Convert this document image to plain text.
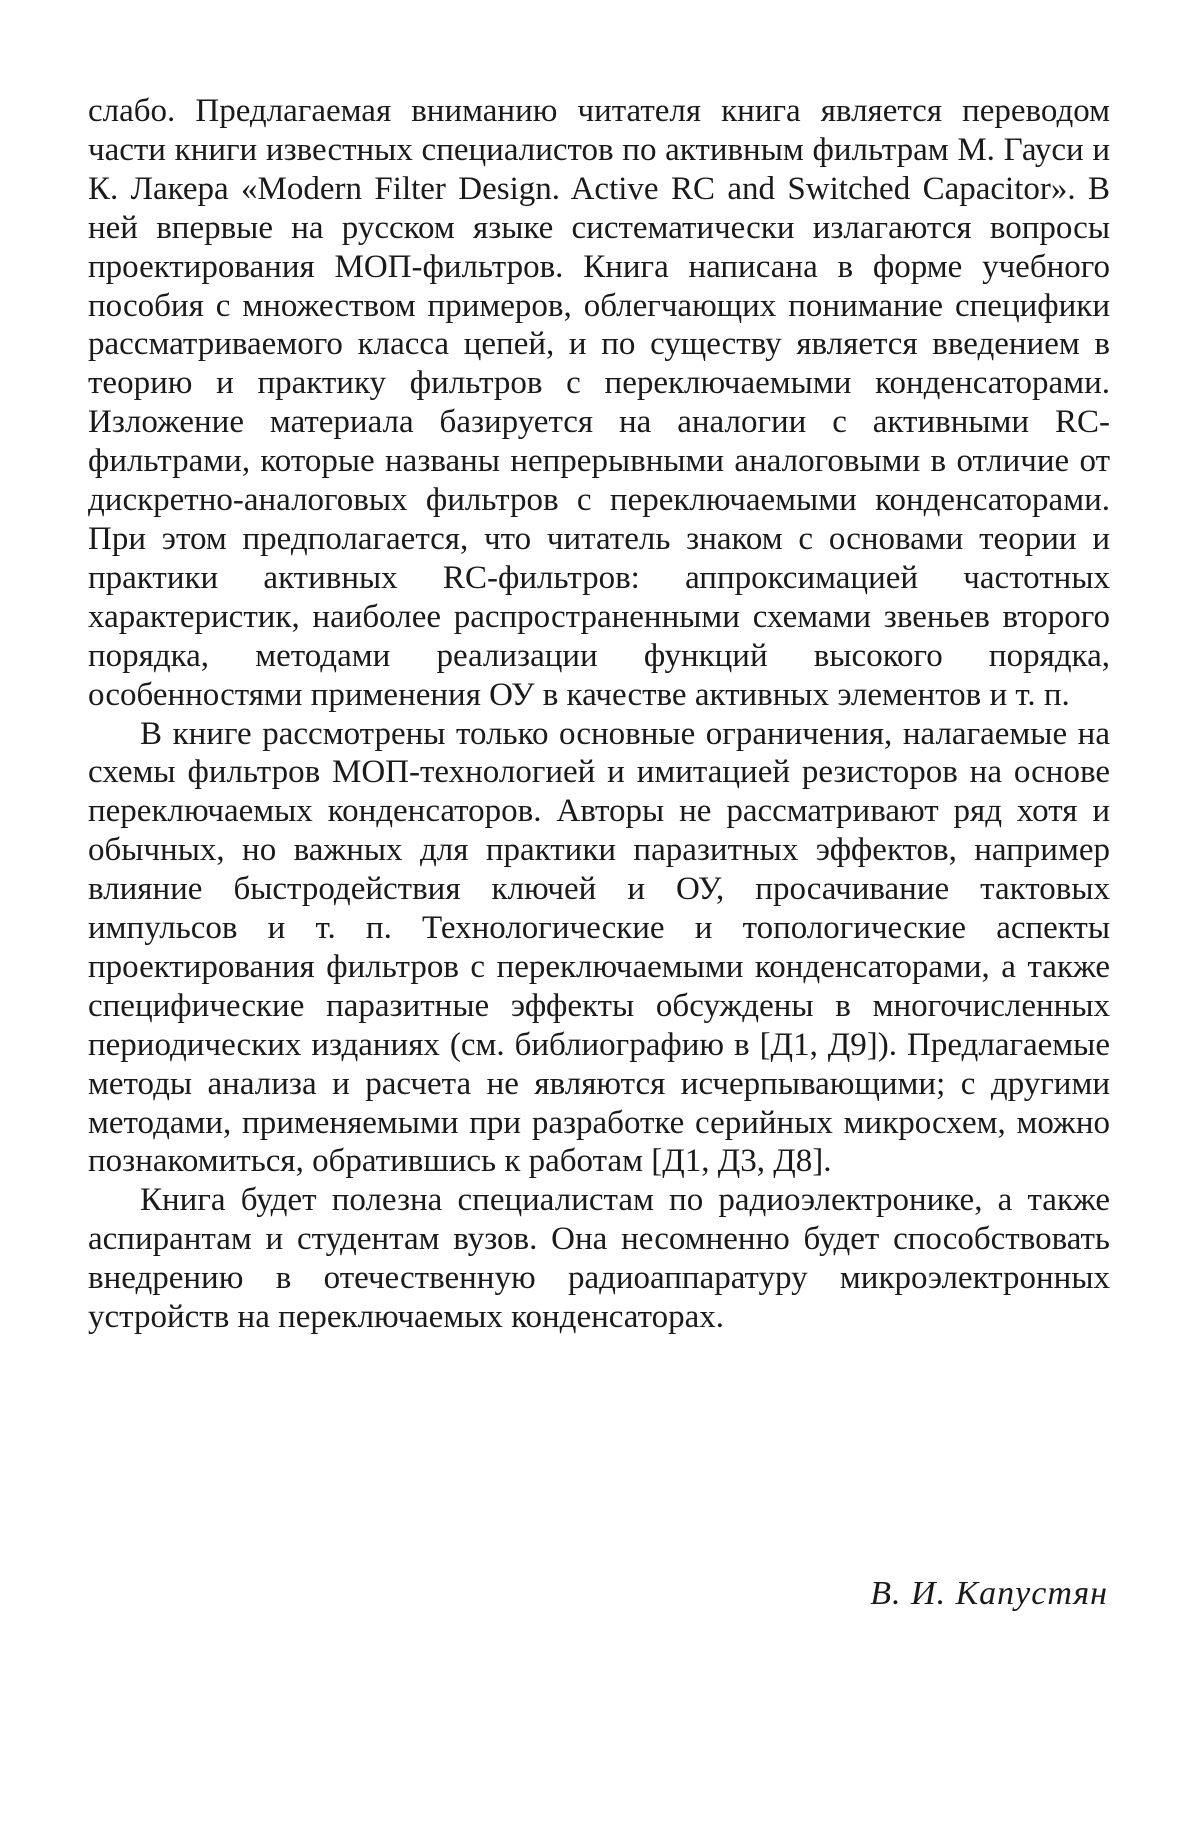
слабо. Предлагаемая вниманию читателя книга является переводом части книги известных специалистов по активным фильтрам М. Гауси и К. Лакера «Modern Filter Design. Active RC and Switched Capacitor». В ней впервые на русском языке систематически излагаются вопросы проектирования МОП-фильтров. Книга написана в форме учебного пособия с множеством примеров, облегчающих понимание специфики рассматриваемого класса цепей, и по существу является введением в теорию и практику фильтров с переключаемыми конденсаторами. Изложение материала базируется на аналогии с активными RC-фильтрами, которые названы непрерывными аналоговыми в отличие от дискретно-аналоговых фильтров с переключаемыми конденсаторами. При этом предполагается, что читатель знаком с основами теории и практики активных RC-фильтров: аппроксимацией частотных характеристик, наиболее распространенными схемами звеньев второго порядка, методами реализации функций высокого порядка, особенностями применения ОУ в качестве активных элементов и т. п.

В книге рассмотрены только основные ограничения, налагаемые на схемы фильтров МОП-технологией и имитацией резисторов на основе переключаемых конденсаторов. Авторы не рассматривают ряд хотя и обычных, но важных для практики паразитных эффектов, например влияние быстродействия ключей и ОУ, просачивание тактовых импульсов и т. п. Технологические и топологические аспекты проектирования фильтров с переключаемыми конденсаторами, а также специфические паразитные эффекты обсуждены в многочисленных периодических изданиях (см. библиографию в [Д1, Д9]). Предлагаемые методы анализа и расчета не являются исчерпывающими; с другими методами, применяемыми при разработке серийных микросхем, можно познакомиться, обратившись к работам [Д1, Д3, Д8].

Книга будет полезна специалистам по радиоэлектронике, а также аспирантам и студентам вузов. Она несомненно будет способствовать внедрению в отечественную радиоаппаратуру микроэлектронных устройств на переключаемых конденсаторах.

В. И. Капустян
